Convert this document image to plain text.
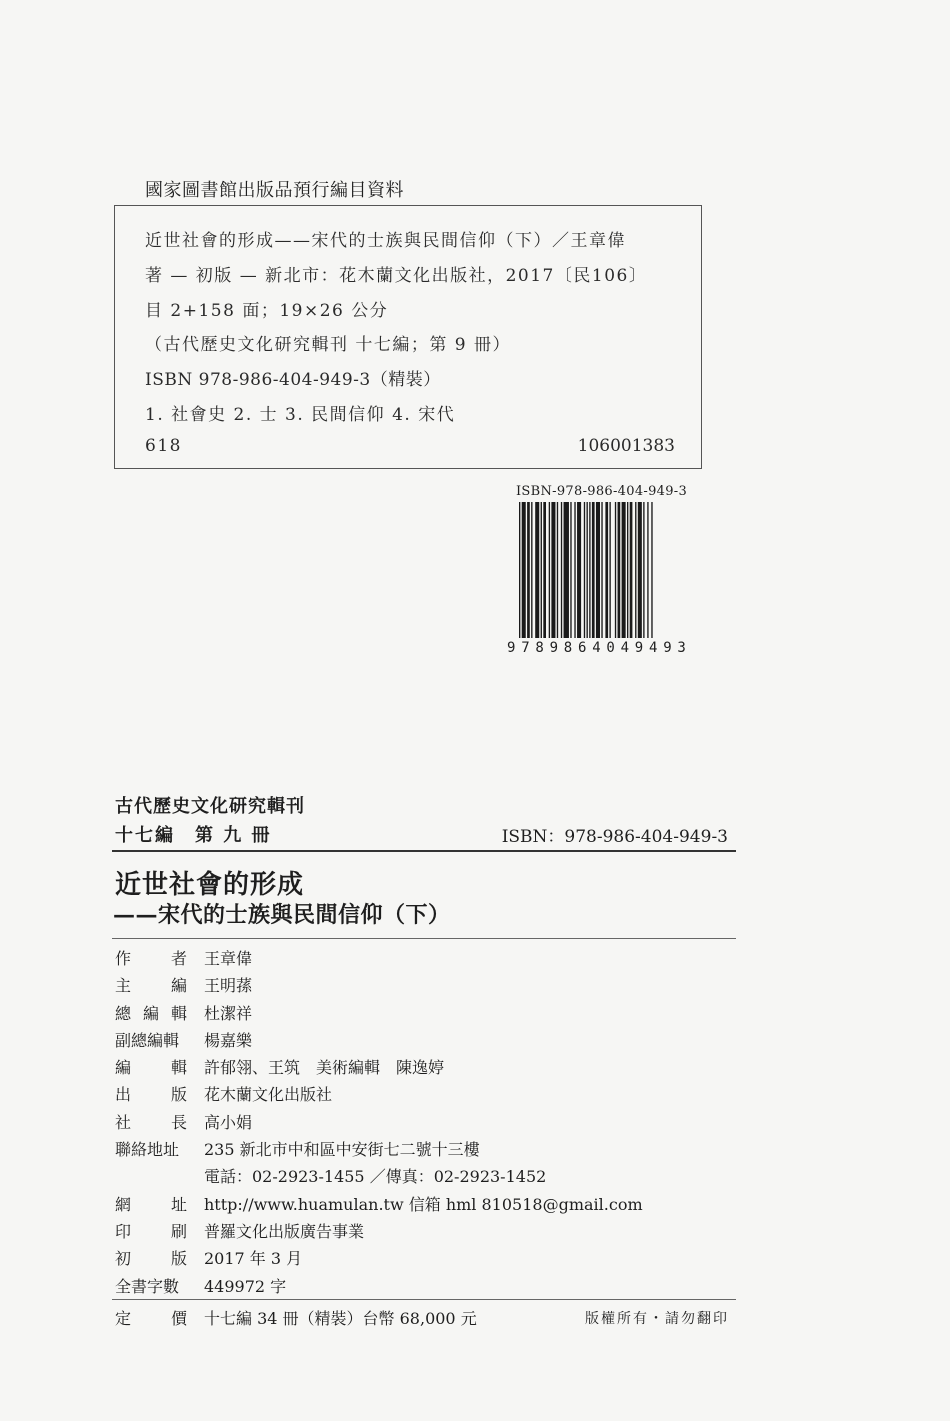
國家圖書館出版品預行編目資料
近世社會的形成——宋代的士族與民間信仰（下）／王章偉
著 — 初版 — 新北市：花木蘭文化出版社，2017〔民106〕
目 2+158 面；19×26 公分
（古代歷史文化研究輯刊 十七編；第 9 冊）
ISBN 978-986-404-949-3（精裝）
1. 社會史 2. 士 3. 民間信仰 4. 宋代
618	106001383
ISBN-978-986-404-949-3
9 7 8 9 8 6 4 0 4 9 4 9 3
古代歷史文化研究輯刊
十七編　第 九 冊	ISBN：978-986-404-949-3
近世社會的形成
——宋代的士族與民間信仰（下）
作 者 王章偉
主 編 王明蓀
總 編 輯 杜潔祥
副總編輯 楊嘉樂
編 輯 許郁翎、王筑　美術編輯　陳逸婷
出 版 花木蘭文化出版社
社 長 高小娟
聯絡地址 235 新北市中和區中安街七二號十三樓
電話：02-2923-1455 ／傳真：02-2923-1452
網 址 http://www.huamulan.tw 信箱 hml 810518@gmail.com
印 刷 普羅文化出版廣告事業
初 版 2017 年 3 月
全書字數 449972 字
定 價 十七編 34 冊（精裝）台幣 68,000 元	版權所有・請勿翻印
